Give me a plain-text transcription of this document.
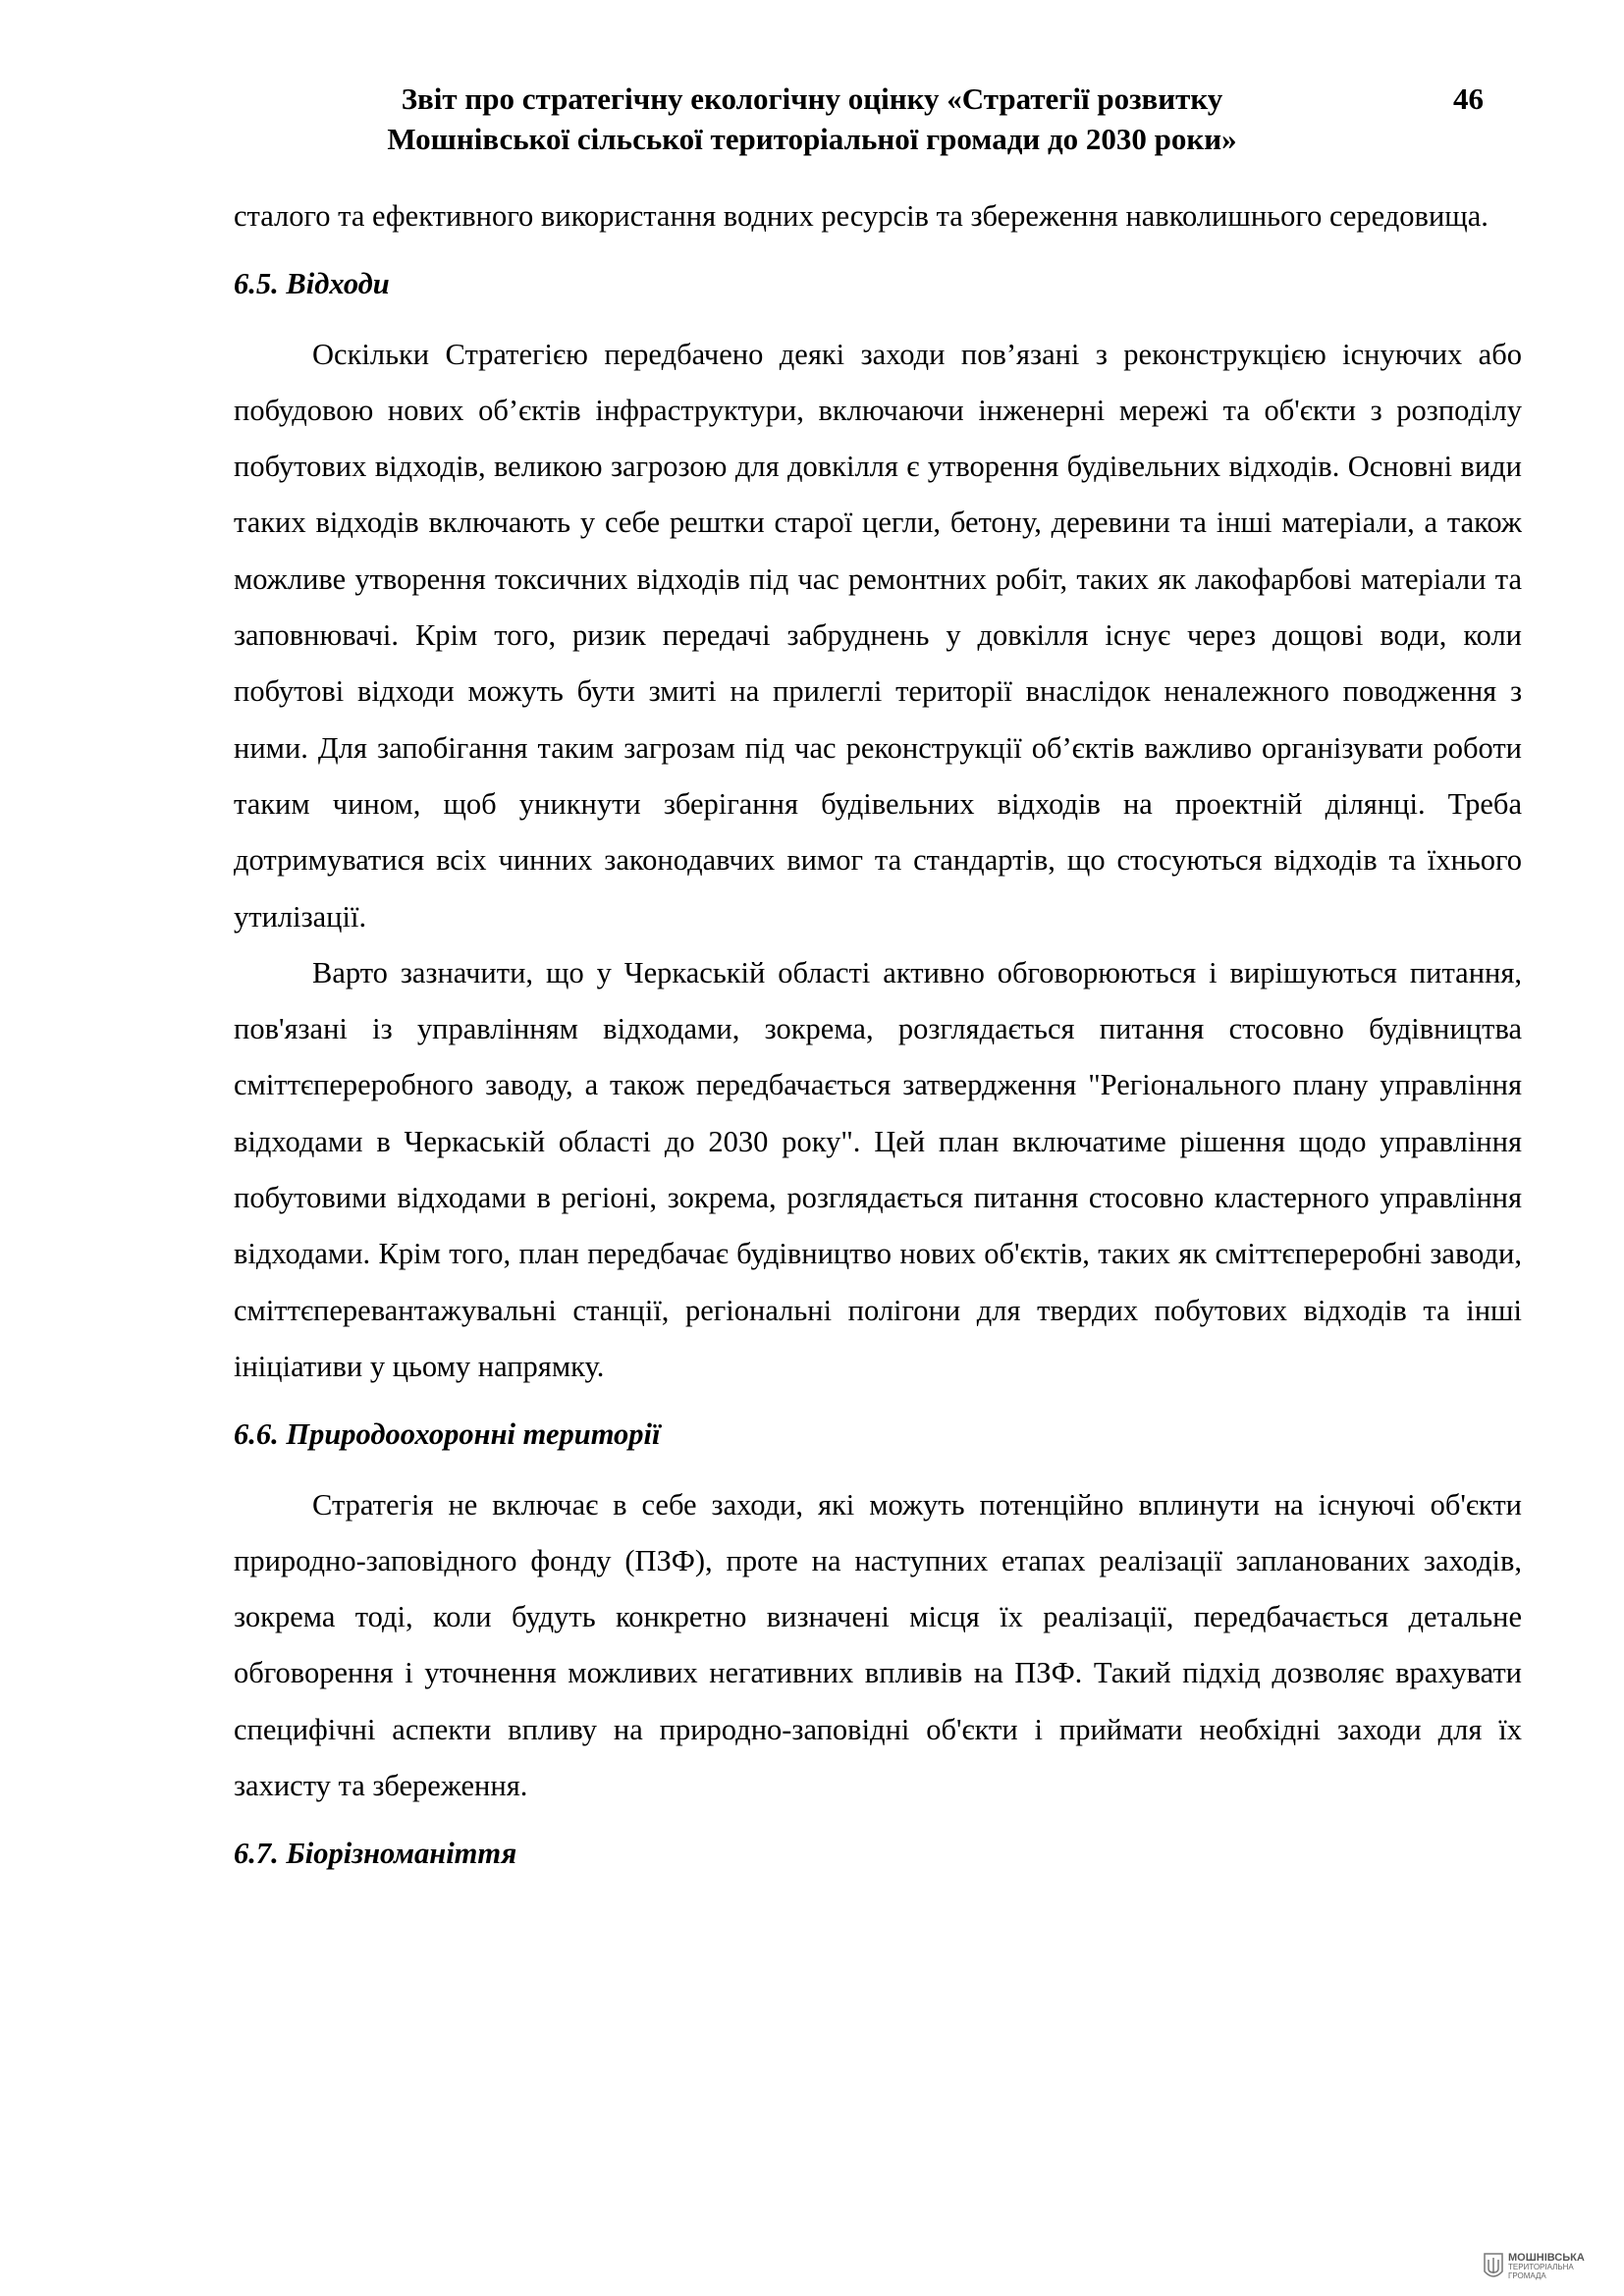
Звіт про стратегічну екологічну оцінку «Стратегії розвитку
Мошнівської сільської територіальної громади до 2030 роки»
46

сталого та ефективного використання водних ресурсів та збереження навколишнього середовища.

6.5. Відходи

Оскільки Стратегією передбачено деякі заходи пов’язані з реконструкцією існуючих або побудовою нових об’єктів інфраструктури, включаючи інженерні мережі та об'єкти з розподілу побутових відходів, великою загрозою для довкілля є утворення будівельних відходів. Основні види таких відходів включають у себе рештки старої цегли, бетону, деревини та інші матеріали, а також можливе утворення токсичних відходів під час ремонтних робіт, таких як лакофарбові матеріали та заповнювачі. Крім того, ризик передачі забруднень у довкілля існує через дощові води, коли побутові відходи можуть бути змиті на прилеглі території внаслідок неналежного поводження з ними. Для запобігання таким загрозам під час реконструкції об’єктів важливо організувати роботи таким чином, щоб уникнути зберігання будівельних відходів на проектній ділянці. Треба дотримуватися всіх чинних законодавчих вимог та стандартів, що стосуються відходів та їхнього утилізації.

Варто зазначити, що у Черкаській області активно обговорюються і вирішуються питання, пов'язані із управлінням відходами, зокрема, розглядається питання стосовно будівництва сміттєпереробного заводу, а також передбачається затвердження "Регіонального плану управління відходами в Черкаській області до 2030 року". Цей план включатиме рішення щодо управління побутовими відходами в регіоні, зокрема, розглядається питання стосовно кластерного управління відходами. Крім того, план передбачає будівництво нових об'єктів, таких як сміттєпереробні заводи, сміттєперевантажувальні станції, регіональні полігони для твердих побутових відходів та інші ініціативи у цьому напрямку.

6.6. Природоохоронні території

Стратегія не включає в себе заходи, які можуть потенційно вплинути на існуючі об'єкти природно-заповідного фонду (ПЗФ), проте на наступних етапах реалізації запланованих заходів, зокрема тоді, коли будуть конкретно визначені місця їх реалізації, передбачається детальне обговорення і уточнення можливих негативних впливів на ПЗФ. Такий підхід дозволяє врахувати специфічні аспекти впливу на природно-заповідні об'єкти і приймати необхідні заходи для їх захисту та збереження.

6.7. Біорізноманіття

МОШНІВСЬКА
ТЕРИТОРІАЛЬНА
ГРОМАДА
